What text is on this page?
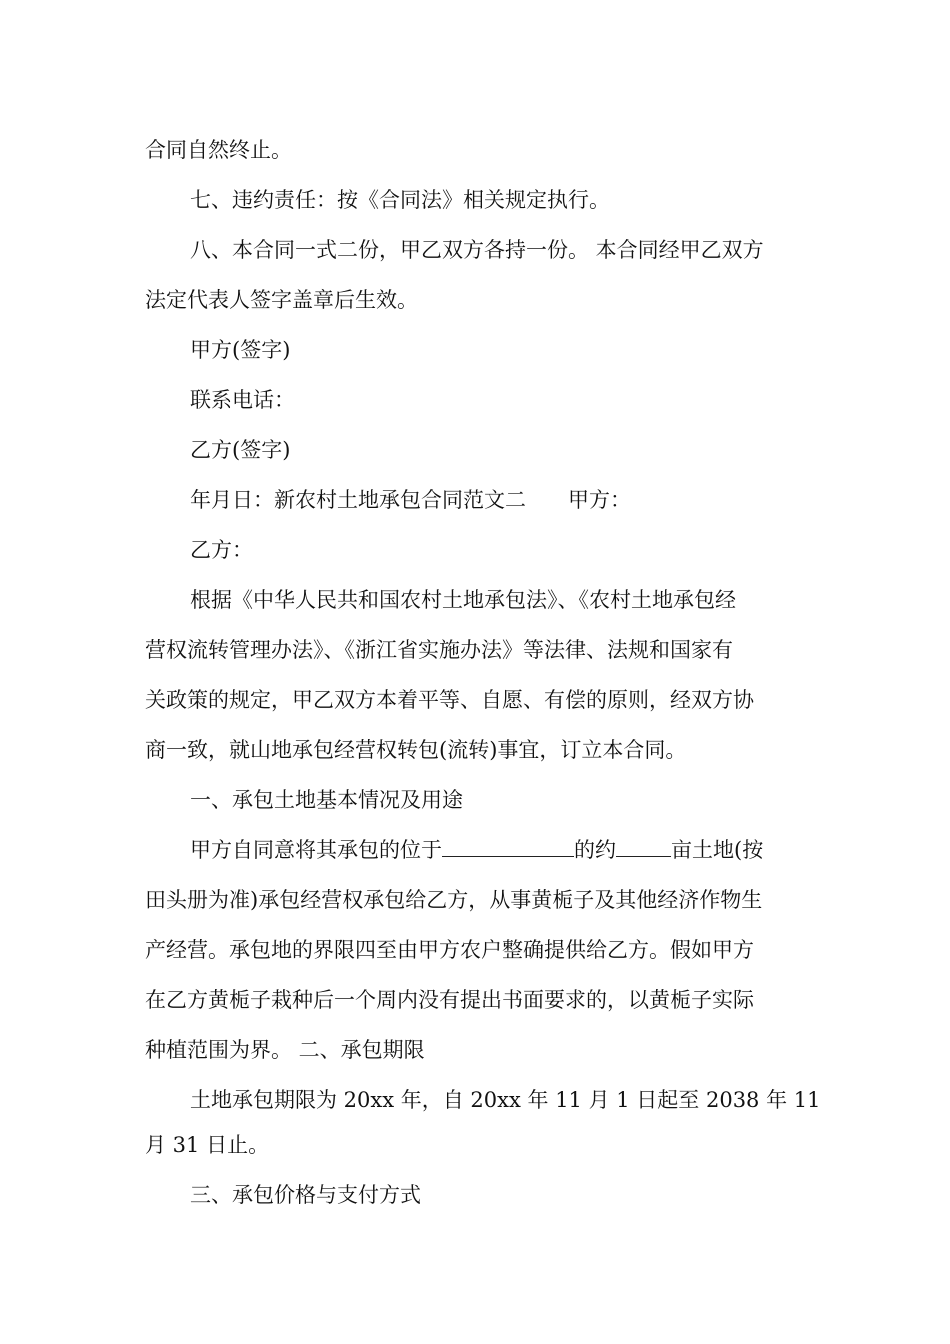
合同自然终止。
七、违约责任：按《合同法》相关规定执行。
八、本合同一式二份，甲乙双方各持一份。 本合同经甲乙双方
法定代表人签字盖章后生效。
甲方(签字)
联系电话：
乙方(签字)
年月日：新农村土地承包合同范文二　　甲方：
乙方：
根据《中华人民共和国农村土地承包法》、《农村土地承包经
营权流转管理办法》、《浙江省实施办法》等法律、法规和国家有
关政策的规定，甲乙双方本着平等、自愿、有偿的原则，经双方协
商一致，就山地承包经营权转包(流转)事宜，订立本合同。
一、承包土地基本情况及用途
甲方自同意将其承包的位于	的约	亩土地(按
田头册为准)承包经营权承包给乙方，从事黄栀子及其他经济作物生
产经营。承包地的界限四至由甲方农户整确提供给乙方。假如甲方
在乙方黄栀子栽种后一个周内没有提出书面要求的，以黄栀子实际
种植范围为界。 二、承包期限
土地承包期限为 20xx 年，自 20xx 年 11 月 1 日起至 2038 年 11
月 31 日止。
三、承包价格与支付方式
